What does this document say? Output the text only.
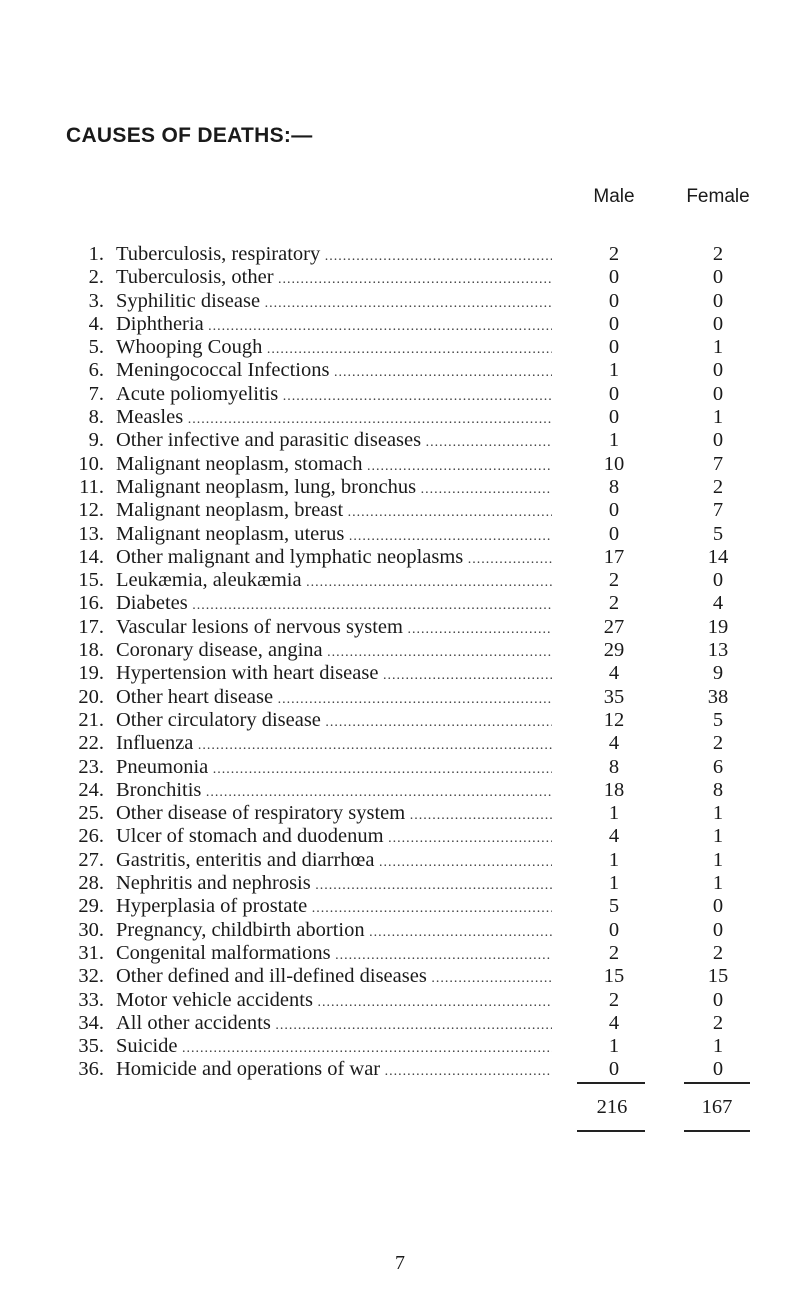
CAUSES OF DEATHS:—
Male	Female
1. Tuberculosis, respiratory .....	2	2
2. Tuberculosis, other .....	0	0
3. Syphilitic disease .....	0	0
4. Diphtheria .....	0	0
5. Whooping Cough .....	0	1
6. Meningococcal Infections .....	1	0
7. Acute poliomyelitis .....	0	0
8. Measles .....	0	1
9. Other infective and parasitic diseases .....	1	0
10. Malignant neoplasm, stomach .....	10	7
11. Malignant neoplasm, lung, bronchus .....	8	2
12. Malignant neoplasm, breast .....	0	7
13. Malignant neoplasm, uterus .....	0	5
14. Other malignant and lymphatic neoplasms .....	17	14
15. Leukæmia, aleukæmia .....	2	0
16. Diabetes .....	2	4
17. Vascular lesions of nervous system .....	27	19
18. Coronary disease, angina .....	29	13
19. Hypertension with heart disease .....	4	9
20. Other heart disease .....	35	38
21. Other circulatory disease .....	12	5
22. Influenza .....	4	2
23. Pneumonia .....	8	6
24. Bronchitis .....	18	8
25. Other disease of respiratory system .....	1	1
26. Ulcer of stomach and duodenum .....	4	1
27. Gastritis, enteritis and diarrhœa .....	1	1
28. Nephritis and nephrosis .....	1	1
29. Hyperplasia of prostate .....	5	0
30. Pregnancy, childbirth abortion .....	0	0
31. Congenital malformations .....	2	2
32. Other defined and ill-defined diseases .....	15	15
33. Motor vehicle accidents .....	2	0
34. All other accidents .....	4	2
35. Suicide .....	1	1
36. Homicide and operations of war .....	0	0
216	167
7
